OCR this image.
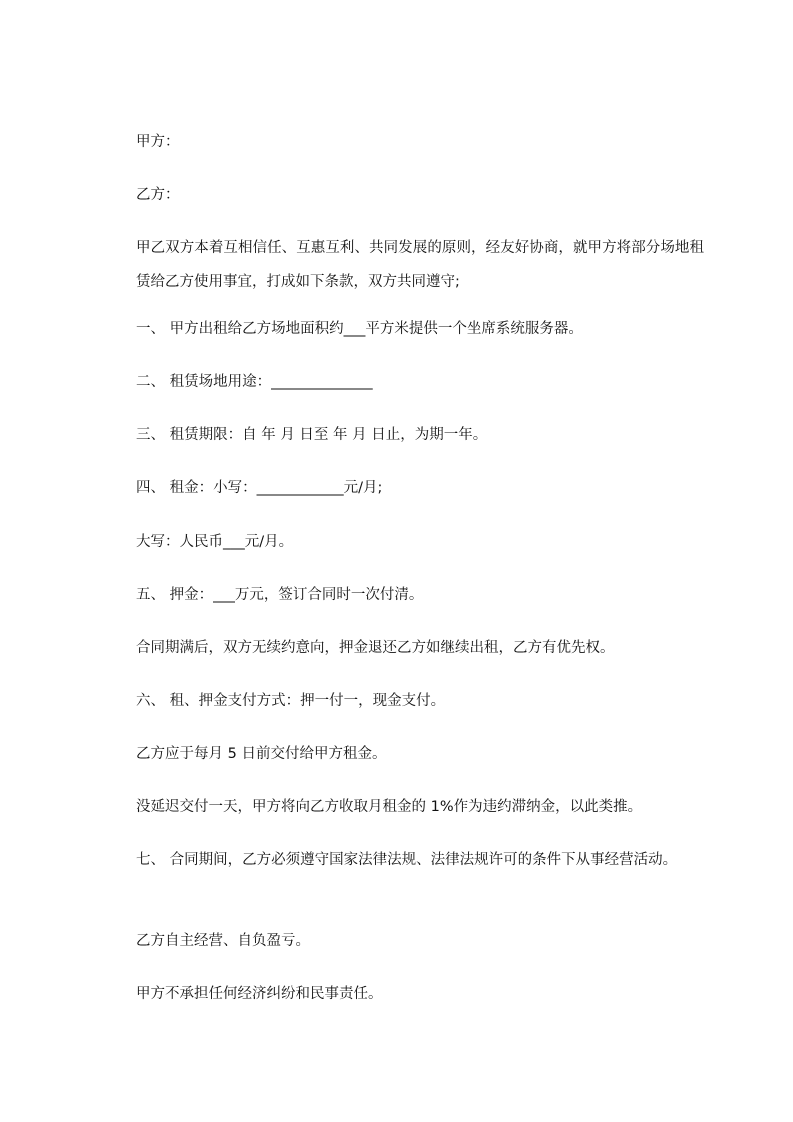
甲方：
乙方：
甲乙双方本着互相信任、互惠互利、共同发展的原则，经友好协商，就甲方将部分场地租赁给乙方使用事宜，打成如下条款，双方共同遵守;
一、 甲方出租给乙方场地面积约___平方米提供一个坐席系统服务器。
二、 租赁场地用途：______________
三、 租赁期限：自 年 月 日至 年 月 日止，为期一年。
四、 租金：小写：____________元/月;
大写：人民币___元/月。
五、 押金：___万元，签订合同时一次付清。
合同期满后，双方无续约意向，押金退还乙方如继续出租，乙方有优先权。
六、 租、押金支付方式：押一付一，现金支付。
乙方应于每月 5 日前交付给甲方租金。
没延迟交付一天，甲方将向乙方收取月租金的 1%作为违约滞纳金，以此类推。
七、 合同期间，乙方必须遵守国家法律法规、法律法规许可的条件下从事经营活动。
乙方自主经营、自负盈亏。
甲方不承担任何经济纠纷和民事责任。
